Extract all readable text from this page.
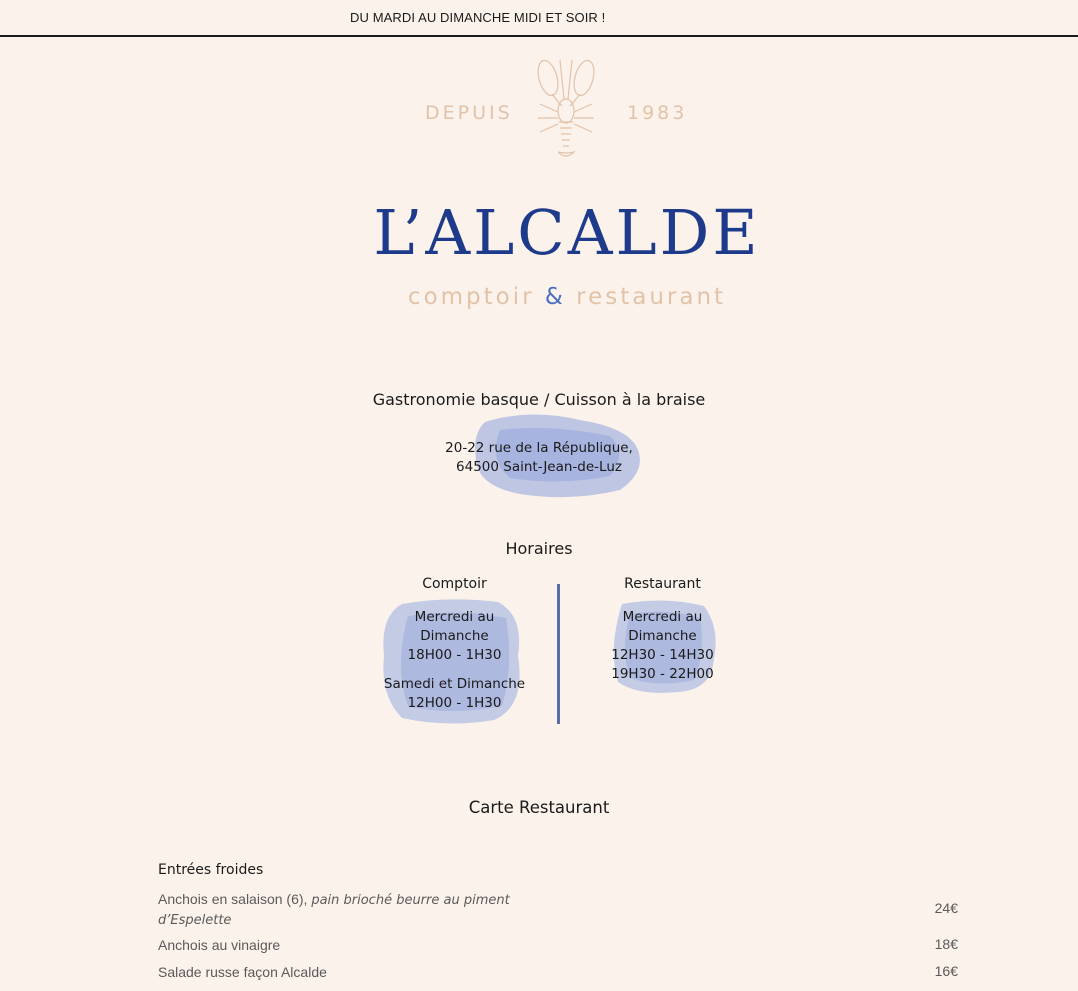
DU MARDI AU DIMANCHE MIDI ET SOIR !
DEPUIS	1983
L’ALCALDE
comptoir & restaurant
Gastronomie basque / Cuisson à la braise
20-22 rue de la République,
64500 Saint-Jean-de-Luz
Horaires
Comptoir
Mercredi au
Dimanche
18H00 - 1H30
Samedi et Dimanche
12H00 - 1H30
Restaurant
Mercredi au
Dimanche
12H30 - 14H30
19H30 - 22H00
Carte Restaurant
Entrées froides
Anchois en salaison (6), pain brioché beurre au piment d’Espelette
24€
Anchois au vinaigre	18€
Salade russe façon Alcalde	16€
